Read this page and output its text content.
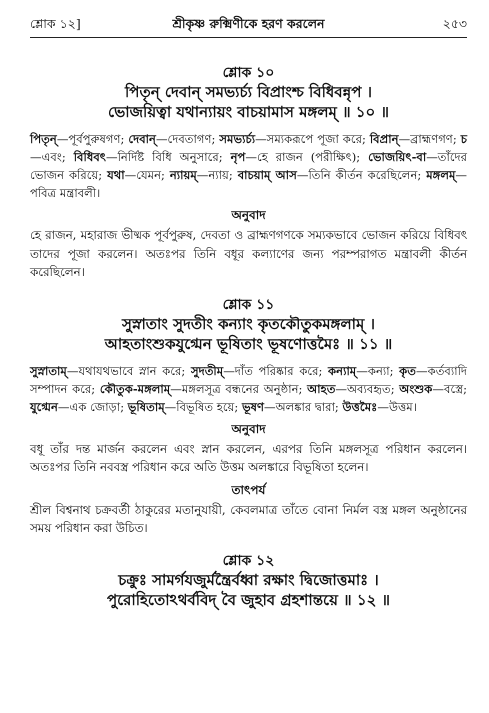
শ্লোক ১২]	শ্রীকৃষ্ণ রুক্মিণীকে হরণ করলেন	২৫৩
শ্লোক ১০
পিতৃন্ দেবান্ সমভ্যর্চ্য বিপ্রাংশ্চ বিধিবন্নৃপ ।
ভোজয়িত্বা যথান্যায়ং বাচয়ামাস মঙ্গলম্ ॥ ১০ ॥
পিতৃন্—পূর্বপুরুষগণ; দেবান্—দেবতাগণ; সমভ্যর্চ্য—সম্যকরূপে পূজা করে; বিপ্রান্—ব্রাহ্মণগণ; চ—এবং; বিধিবৎ—নির্দিষ্ট বিধি অনুসারে; নৃপ—হে রাজন (পরীক্ষিৎ); ভোজয়িৎ-বা—তাঁদের ভোজন করিয়ে; যথা—যেমন; ন্যায়ম্—ন্যায়; বাচয়াম্ আস—তিনি কীর্তন করেছিলেন; মঙ্গলম্—পবিত্র মন্ত্রাবলী।
অনুবাদ
হে রাজন, মহারাজ ভীষ্মক পূর্বপুরুষ, দেবতা ও ব্রাহ্মণগণকে সম্যকভাবে ভোজন করিয়ে বিধিবৎ তাদের পূজা করলেন। অতঃপর তিনি বধূর কল্যাণের জন্য পরম্পরাগত মন্ত্রাবলী কীর্তন করেছিলেন।
শ্লোক ১১
সুস্নাতাং সুদতীং কন্যাং কৃতকৌতুকমঙ্গলাম্ ।
আহতাংশুকযুগ্মেন ভূষিতাং ভূষণোত্তমৈঃ ॥ ১১ ॥
সুস্নাতাম্—যথাযথভাবে স্নান করে; সুদতীম্—দাঁত পরিষ্কার করে; কন্যাম্—কন্যা; কৃত—কর্তব্যাদি সম্পাদন করে; কৌতুক-মঙ্গলাম্—মঙ্গলসূত্র বন্ধনের অনুষ্ঠান; আহত—অব্যবহৃত; অংশুক—বস্ত্রে; যুগ্মেন—এক জোড়া; ভূষিতাম্—বিভূষিত হয়ে; ভূষণ—অলঙ্কার দ্বারা; উত্তমৈঃ—উত্তম।
অনুবাদ
বধূ তাঁর দন্ত মার্জন করলেন এবং স্নান করলেন, এরপর তিনি মঙ্গলসূত্র পরিধান করলেন। অতঃপর তিনি নববস্ত্র পরিধান করে অতি উত্তম অলঙ্কারে বিভূষিতা হলেন।
তাৎপর্য
শ্রীল বিশ্বনাথ চক্রবর্তী ঠাকুরের মতানুযায়ী, কেবলমাত্র তাঁতে বোনা নির্মল বস্ত্র মঙ্গল অনুষ্ঠানের সময় পরিধান করা উচিত।
শ্লোক ১২
চক্রুঃ সামর্গযজুর্মন্ত্রৈর্বধ্বা রক্ষাং দ্বিজোত্তমাঃ ।
পুরোহিতোঽথর্ববিদ্ বৈ জুহাব গ্রহশান্তয়ে ॥ ১২ ॥
